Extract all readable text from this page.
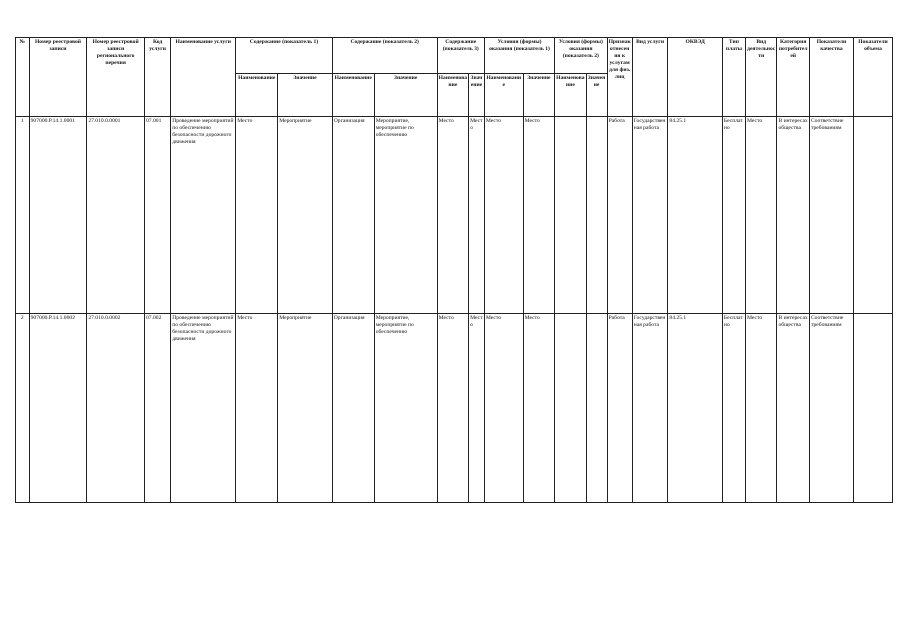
№	Номер реестровой записи	Номер реестровой записи регионального перечня	Код услуги	Наименование услуги	Содержание (показатель 1)		Содержание (показатель 2)		Содержание (показатель 3)		Условия (формы) оказания (показатель 1)		Условия (формы) оказания (показатель 2)		Признак отнесения к услугам для физ. лиц	Вид услуги	ОКВЭД	Тип платы	Вид деятельности	Категория потребителей	Показатели качества	Показатели объема
					Наименование	Значение	Наименование	Значение	Наименование	Значение	Наименование	Значение	Наименование	Значение								
1	907000.Р.14.1.0001	27.010.0.0001	07.001	Проведение мероприятий по обеспечению безопасности дорожного движения	Место	Мероприятие	Организация	Мероприятие, мероприятие по обеспечению	Место	Место	Место	Место			Работа	Государственная работа	84.25.1	Бесплатно	Место	В интересах общества	Соответствие требованиям	
2	907000.Р.14.1.0002	27.010.0.0002	07.002	Проведение мероприятий по обеспечению безопасности дорожного движения	Место	Мероприятие	Организация	Мероприятие, мероприятие по обеспечению	Место	Место	Место	Место			Работа	Государственная работа	84.25.1	Бесплатно	Место	В интересах общества	Соответствие требованиям	
